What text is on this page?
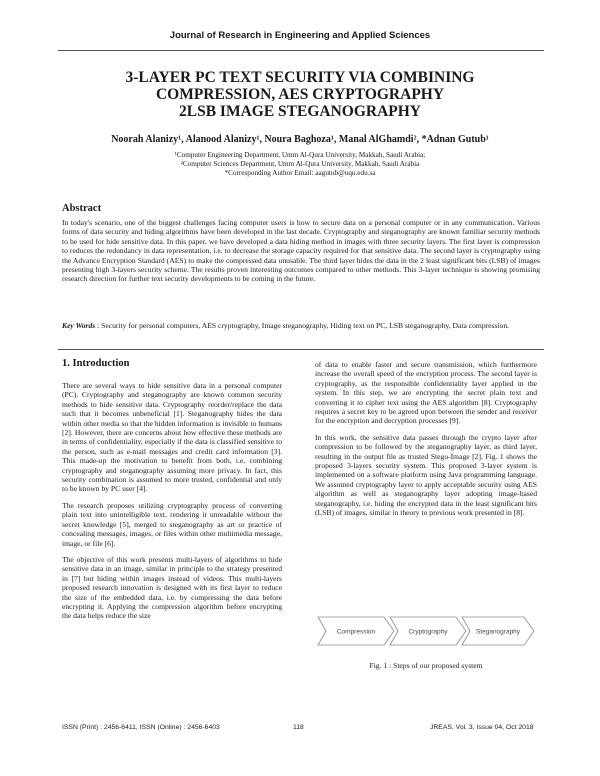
Journal of Research in Engineering and Applied Sciences
3-LAYER PC TEXT SECURITY VIA COMBINING
COMPRESSION, AES CRYPTOGRAPHY
2LSB IMAGE STEGANOGRAPHY
Noorah Alanizy¹, Alanood Alanizy¹, Noura Baghoza¹, Manal AlGhamdi², *Adnan Gutub¹
¹Computer Engineering Department, Umm Al-Qura University, Makkah, Saudi Arabia;
²Computer Sciences Department, Umm Al-Qura University, Makkah, Saudi Arabia
*Corresponding Author Email: aagutub@uqu.edu.sa
Abstract
In today's scenario, one of the biggest challenges facing computer users is how to secure data on a personal computer or in any communication. Various forms of data security and hiding algorithms have been developed in the last decade. Cryptography and steganography are known familiar security methods to be used for hide sensitive data. In this paper, we have developed a data hiding method in images with three security layers. The first layer is compression to reduces the redundancy in data representation, i.e. to decrease the storage capacity required for that sensitive data. The second layer is cryptography using the Advance Encryption Standard (AES) to make the compressed data unusable. The third layer hides the data in the 2 least significant bits (LSB) of images presenting high 3-layers security scheme. The results proven interesting outcomes compared to other methods. This 3-layer technique is showing promising research direction for further text security developments to be coming in the future.
Key Words : Security for personal computers, AES cryptography, Image steganography, Hiding text on PC, LSB steganography, Data compression.
1. Introduction

There are several ways to hide sensitive data in a personal computer (PC). Cryptography and steganography are known common security methods to hide sensitive data. Cryptography reorder/replace the data such that it becomes unbeneficial [1]. Steganography hides the data within other media so that the hidden information is invisible to humans [2]. However, there are concerns about how effective these methods are in terms of confidentiality, especially if the data is classified sensitive to the person, such as e-mail messages and credit card information [3]. This made-up the motivation to benefit from both, i.e. combining cryptography and steganography assuming more privacy. In fact, this security combination is assumed to more trusted, confidential and only to be known by PC user [4].

The research proposes utilizing cryptography process of converting plain text into unintelligible text, rendering it unreadable without the secret knowledge [5], merged to steganography as art or practice of concealing messages, images, or files within other multimedia message, image, or file [6].

The objective of this work presents multi-layers of algorithms to hide sensitive data in an image, similar in principle to the strategy presented in [7] but hiding within images instead of videos. This multi-layers proposed research innovation is designed with its first layer to reduce the size of the embedded data, i.e. by compressing the data before encrypting it. Applying the compression algorithm before encrypting the data helps reduce the size

of data to enable faster and secure transmission, which furthermore increase the overall speed of the encryption process. The second layer is cryptography, as the responsible confidentiality layer applied in the system. In this step, we are encrypting the secret plain text and converting it to cipher text using the AES algorithm [8]. Cryptography requires a secret key to be agreed upon between the sender and receiver for the encryption and decryption processes [9].

In this work, the sensitive data passes through the crypto layer after compression to be followed by the steganography layer, as third layer, resulting in the output file as trusted Stego-Image [2]. Fig. 1 shows the proposed 3-layers security system. This proposed 3-layer system is implemented on a software platform using Java programming language. We assumed cryptography layer to apply acceptable security using AES algorithm as well as steganography layer adopting image-based steganography, i.e. hiding the encrypted data in the least significant bits (LSB) of images, similar in theory to previous work presented in [8].

Compression	Cryptography	Steganography
Fig. 1 : Steps of our proposed system
ISSN (Print) : 2456-6411, ISSN (Online) : 2456-6403	118	JREAS, Vol. 3, Issue 04, Oct 2018
